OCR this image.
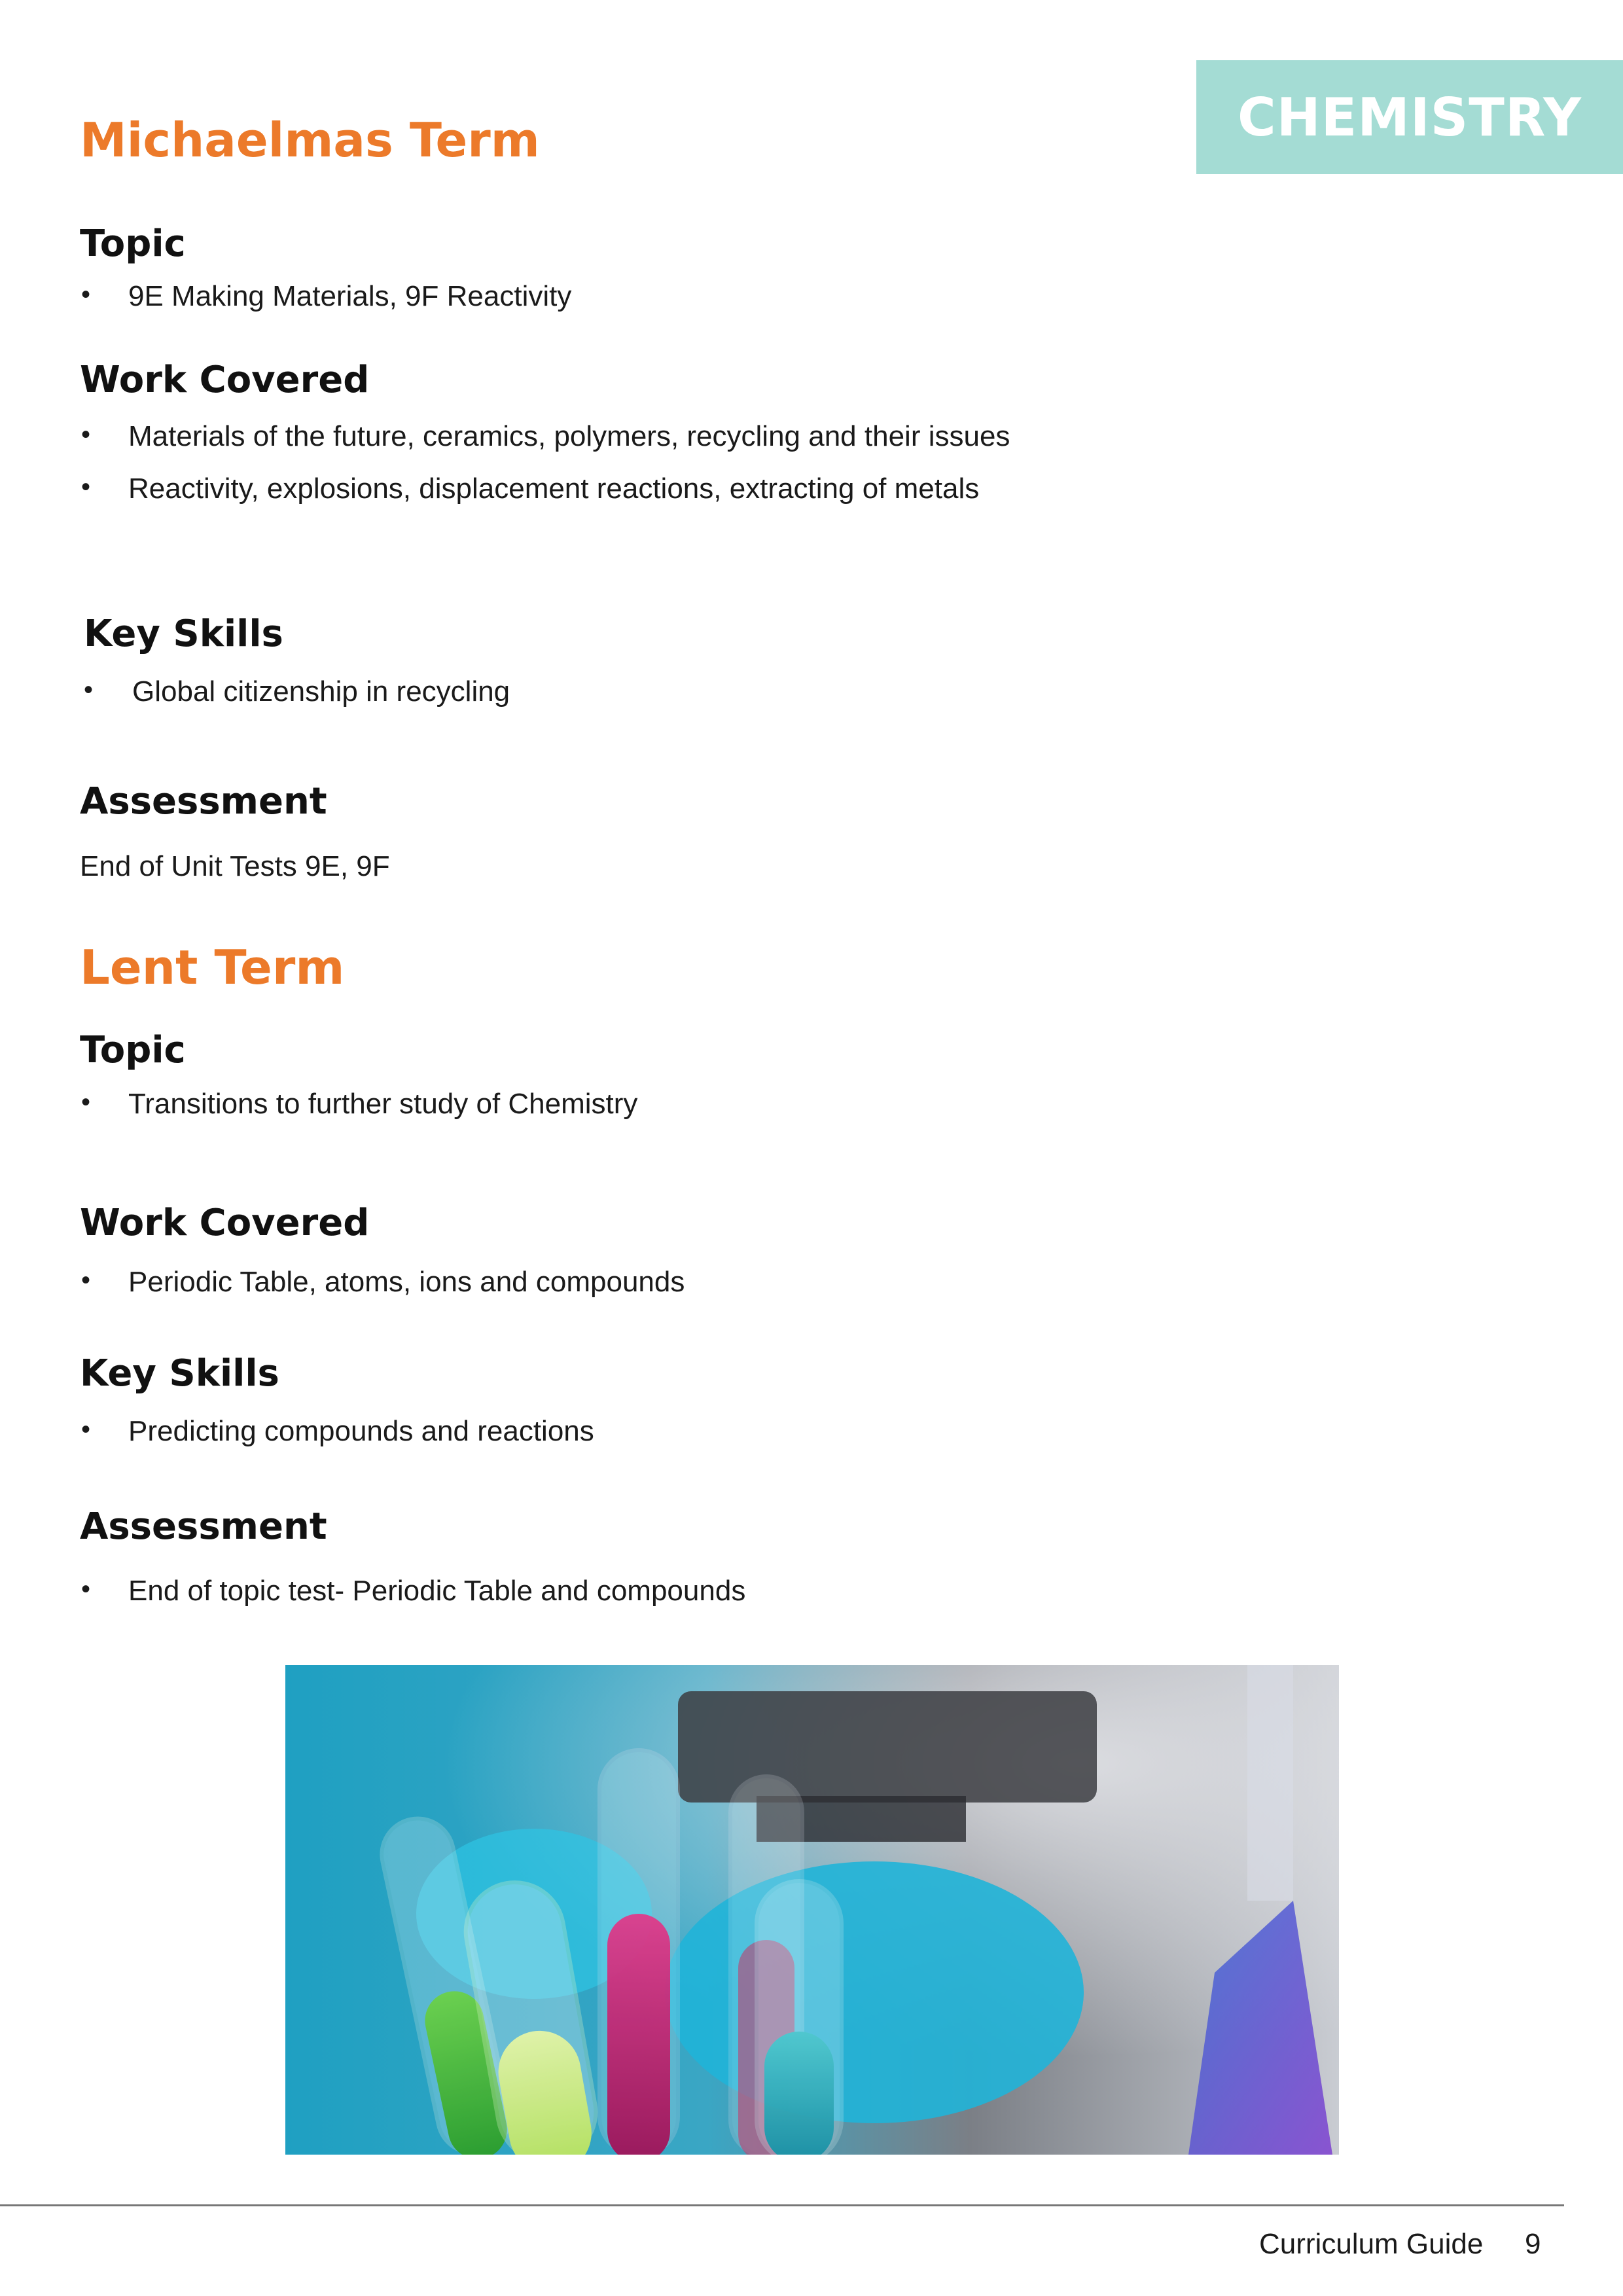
CHEMISTRY
Michaelmas Term
Topic
• 9E Making Materials, 9F Reactivity
Work Covered
• Materials of the future, ceramics, polymers, recycling and their issues
• Reactivity, explosions, displacement reactions, extracting of metals
Key Skills
• Global citizenship in recycling
Assessment
End of Unit Tests 9E, 9F
Lent Term
Topic
• Transitions to further study of Chemistry
Work Covered
• Periodic Table, atoms, ions and compounds
Key Skills
• Predicting compounds and reactions
Assessment
• End of topic test- Periodic Table and compounds
Curriculum Guide 9
